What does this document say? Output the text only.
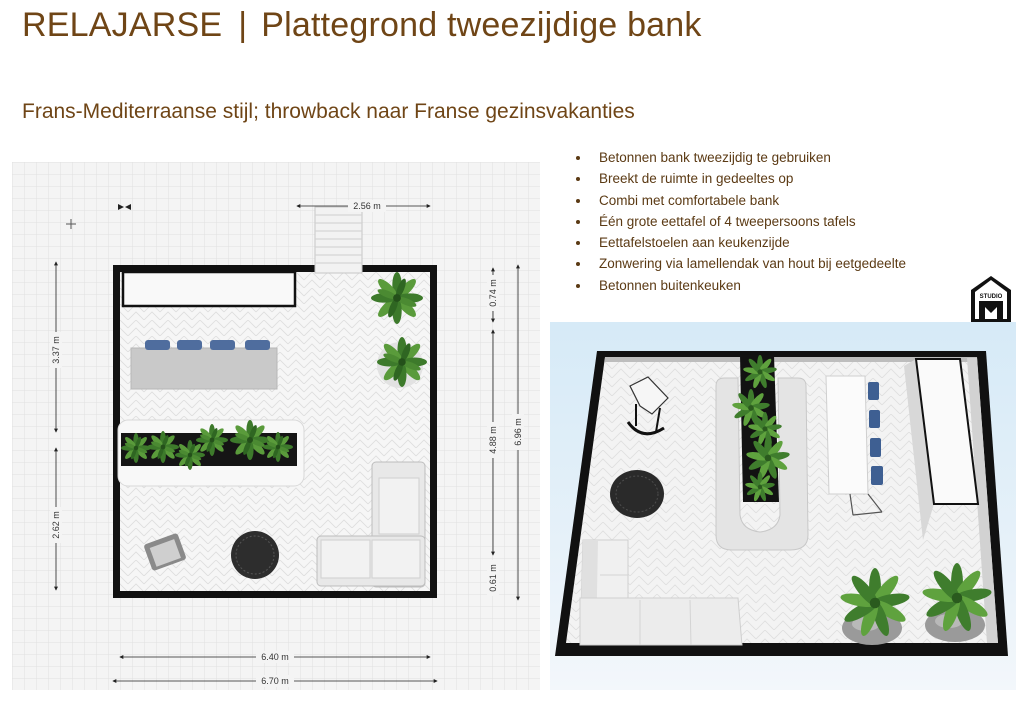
RELAJARSE | Plattegrond tweezijdige bank
Frans-Mediterraanse stijl; throwback naar Franse gezinsvakanties
Betonnen bank tweezijdig te gebruiken
Breekt de ruimte in gedeeltes op
Combi met comfortabele bank
Één grote eettafel of 4 tweepersoons tafels
Eettafelstoelen aan keukenzijde
Zonwering via lamellendak van hout bij eetgedeelte
Betonnen buitenkeuken
STUDIO
2.56 m
3.37 m
2.62 m
0.74 m
4.88 m
0.61 m
6.96 m
6.40 m
6.70 m
